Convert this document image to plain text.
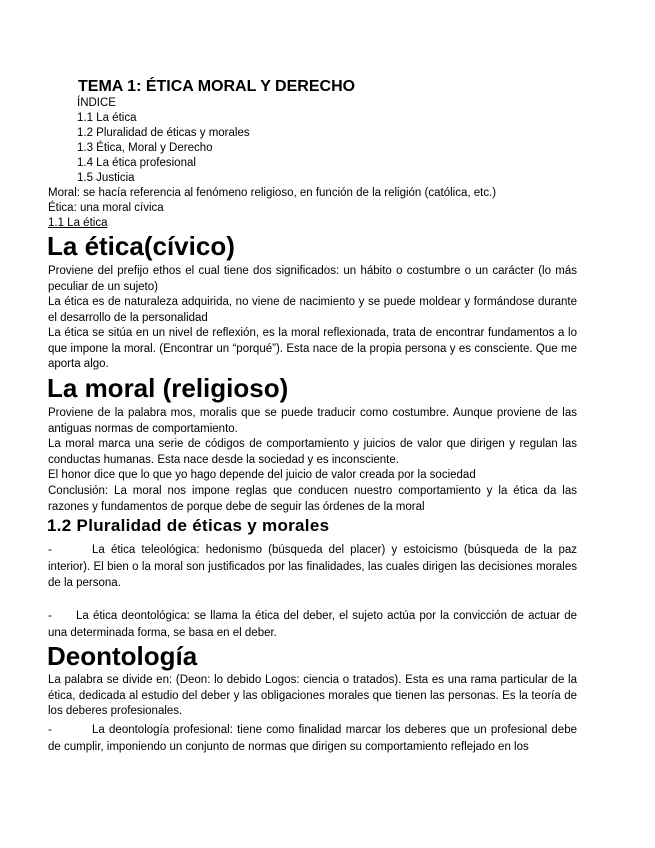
TEMA 1: ÉTICA MORAL Y DERECHO
ÍNDICE
1.1 La ética
1.2 Pluralidad de éticas y morales
1.3 Ética, Moral y Derecho
1.4 La ética profesional
1.5 Justicia
Moral: se hacía referencia al fenómeno religioso, en función de la religión (católica, etc.)
Ética: una moral cívica
1.1 La ética
La ética(cívico)

Proviene del prefijo ethos el cual tiene dos significados: un hábito o costumbre o un carácter (lo más peculiar de un sujeto)

La ética es de naturaleza adquirida, no viene de nacimiento y se puede moldear y formándose durante el desarrollo de la personalidad

La ética se sitúa en un nivel de reflexión, es la moral reflexionada, trata de encontrar fundamentos a lo que impone la moral. (Encontrar un “porqué”). Esta nace de la propia persona y es consciente. Que me aporta algo.

La moral (religioso)

Proviene de la palabra mos, moralis que se puede traducir como costumbre. Aunque proviene de las antiguas normas de comportamiento.

La moral marca una serie de códigos de comportamiento y juicios de valor que dirigen y regulan las conductas humanas. Esta nace desde la sociedad y es inconsciente.

El honor dice que lo que yo hago depende del juicio de valor creada por la sociedad

Conclusión: La moral nos impone reglas que conducen nuestro comportamiento y la ética da las razones y fundamentos de porque debe de seguir las órdenes de la moral

1.2 Pluralidad de éticas y morales

-	La ética teleológica: hedonismo (búsqueda del placer) y estoicismo (búsqueda de la paz interior). El bien o la moral son justificados por las finalidades, las cuales dirigen las decisiones morales de la persona.

- La ética deontológica: se llama la ética del deber, el sujeto actúa por la convicción de actuar de una determinada forma, se basa en el deber.

Deontología

La palabra se divide en: (Deon: lo debido Logos: ciencia o tratados). Esta es una rama particular de la ética, dedicada al estudio del deber y las obligaciones morales que tienen las personas. Es la teoría de los deberes profesionales.

-	La deontología profesional: tiene como finalidad marcar los deberes que un profesional debe de cumplir, imponiendo un conjunto de normas que dirigen su comportamiento reflejado en los
